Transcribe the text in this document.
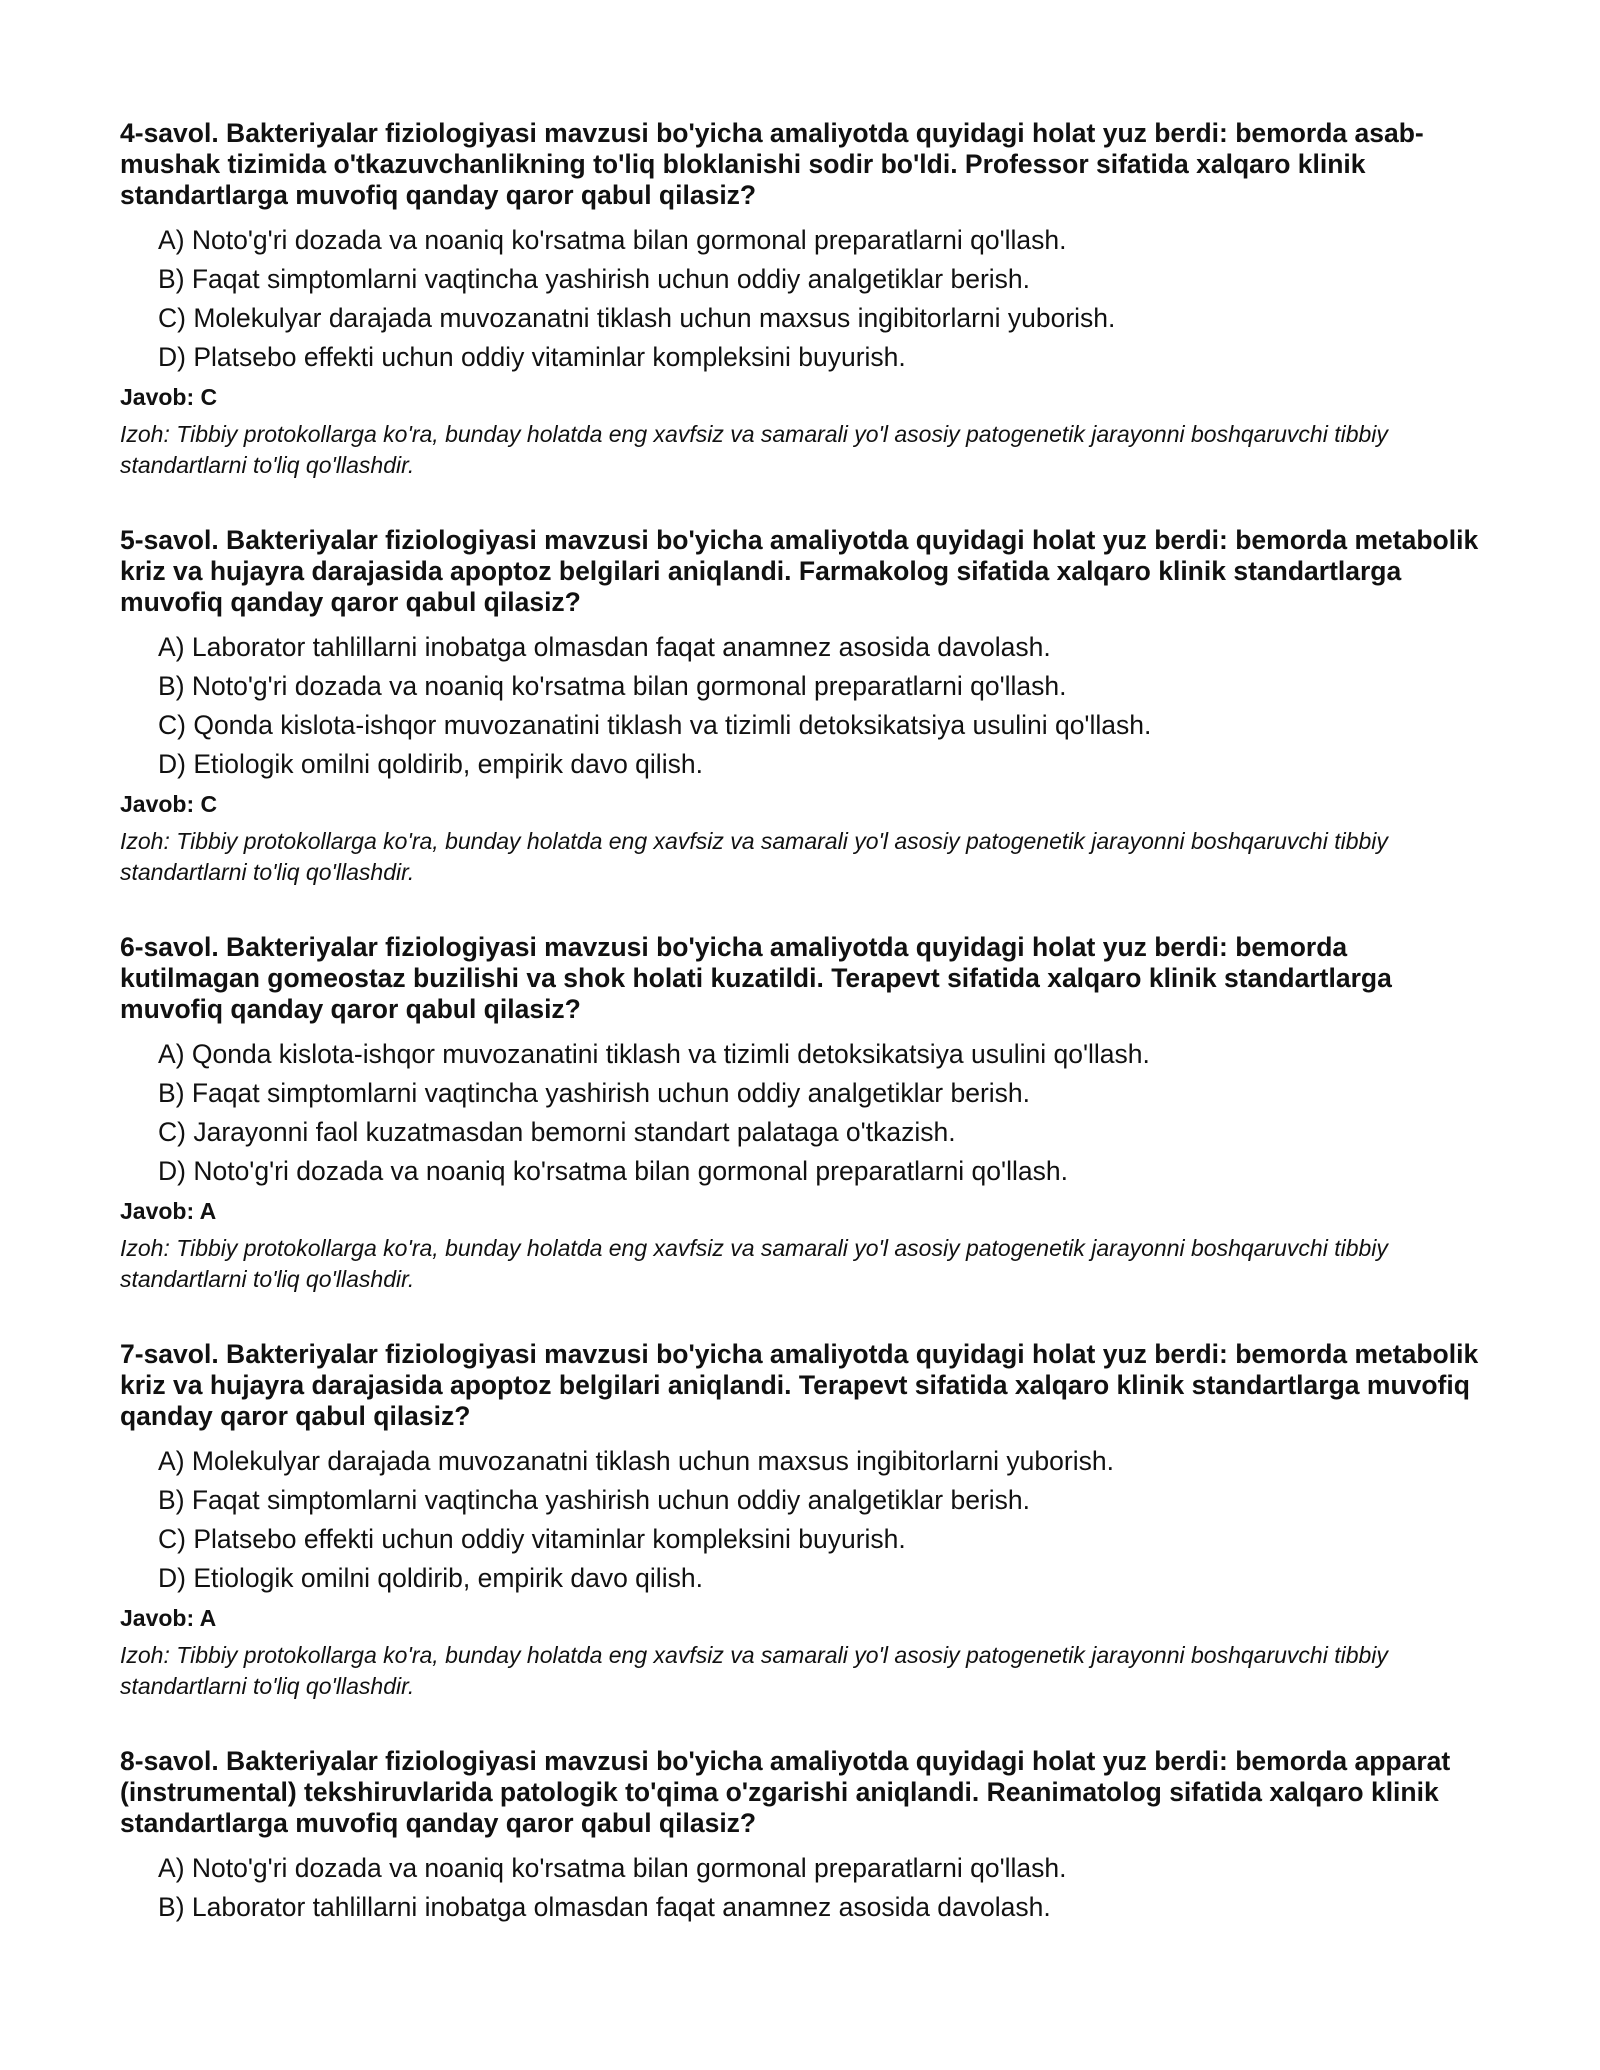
4-savol. Bakteriyalar fiziologiyasi mavzusi bo'yicha amaliyotda quyidagi holat yuz berdi: bemorda asab-mushak tizimida o'tkazuvchanlikning to'liq bloklanishi sodir bo'ldi. Professor sifatida xalqaro klinik standartlarga muvofiq qanday qaror qabul qilasiz?

A ) Noto'g'ri dozada va noaniq ko'rsatma bilan gormonal preparatlarni qo'llash.
B ) Faqat simptomlarni vaqtincha yashirish uchun oddiy analgetiklar berish.
C ) Molekulyar darajada muvozanatni tiklash uchun maxsus ingibitorlarni yuborish.
D ) Platsebo effekti uchun oddiy vitaminlar kompleksini buyurish.

Javob: C

Izoh: Tibbiy protokollarga ko'ra, bunday holatda eng xavfsiz va samarali yo'l asosiy patogenetik jarayonni boshqaruvchi tibbiy standartlarni to'liq qo'llashdir.

5-savol. Bakteriyalar fiziologiyasi mavzusi bo'yicha amaliyotda quyidagi holat yuz berdi: bemorda metabolik kriz va hujayra darajasida apoptoz belgilari aniqlandi. Farmakolog sifatida xalqaro klinik standartlarga muvofiq qanday qaror qabul qilasiz?

A ) Laborator tahlillarni inobatga olmasdan faqat anamnez asosida davolash.
B ) Noto'g'ri dozada va noaniq ko'rsatma bilan gormonal preparatlarni qo'llash.
C ) Qonda kislota-ishqor muvozanatini tiklash va tizimli detoksikatsiya usulini qo'llash.
D ) Etiologik omilni qoldirib, empirik davo qilish.

Javob: C

Izoh: Tibbiy protokollarga ko'ra, bunday holatda eng xavfsiz va samarali yo'l asosiy patogenetik jarayonni boshqaruvchi tibbiy standartlarni to'liq qo'llashdir.

6-savol. Bakteriyalar fiziologiyasi mavzusi bo'yicha amaliyotda quyidagi holat yuz berdi: bemorda kutilmagan gomeostaz buzilishi va shok holati kuzatildi. Terapevt sifatida xalqaro klinik standartlarga muvofiq qanday qaror qabul qilasiz?

A ) Qonda kislota-ishqor muvozanatini tiklash va tizimli detoksikatsiya usulini qo'llash.
B ) Faqat simptomlarni vaqtincha yashirish uchun oddiy analgetiklar berish.
C ) Jarayonni faol kuzatmasdan bemorni standart palataga o'tkazish.
D ) Noto'g'ri dozada va noaniq ko'rsatma bilan gormonal preparatlarni qo'llash.

Javob: A

Izoh: Tibbiy protokollarga ko'ra, bunday holatda eng xavfsiz va samarali yo'l asosiy patogenetik jarayonni boshqaruvchi tibbiy standartlarni to'liq qo'llashdir.

7-savol. Bakteriyalar fiziologiyasi mavzusi bo'yicha amaliyotda quyidagi holat yuz berdi: bemorda metabolik kriz va hujayra darajasida apoptoz belgilari aniqlandi. Terapevt sifatida xalqaro klinik standartlarga muvofiq qanday qaror qabul qilasiz?

A ) Molekulyar darajada muvozanatni tiklash uchun maxsus ingibitorlarni yuborish.
B ) Faqat simptomlarni vaqtincha yashirish uchun oddiy analgetiklar berish.
C ) Platsebo effekti uchun oddiy vitaminlar kompleksini buyurish.
D ) Etiologik omilni qoldirib, empirik davo qilish.

Javob: A

Izoh: Tibbiy protokollarga ko'ra, bunday holatda eng xavfsiz va samarali yo'l asosiy patogenetik jarayonni boshqaruvchi tibbiy standartlarni to'liq qo'llashdir.

8-savol. Bakteriyalar fiziologiyasi mavzusi bo'yicha amaliyotda quyidagi holat yuz berdi: bemorda apparat (instrumental) tekshiruvlarida patologik to'qima o'zgarishi aniqlandi. Reanimatolog sifatida xalqaro klinik standartlarga muvofiq qanday qaror qabul qilasiz?

A ) Noto'g'ri dozada va noaniq ko'rsatma bilan gormonal preparatlarni qo'llash.
B ) Laborator tahlillarni inobatga olmasdan faqat anamnez asosida davolash.
